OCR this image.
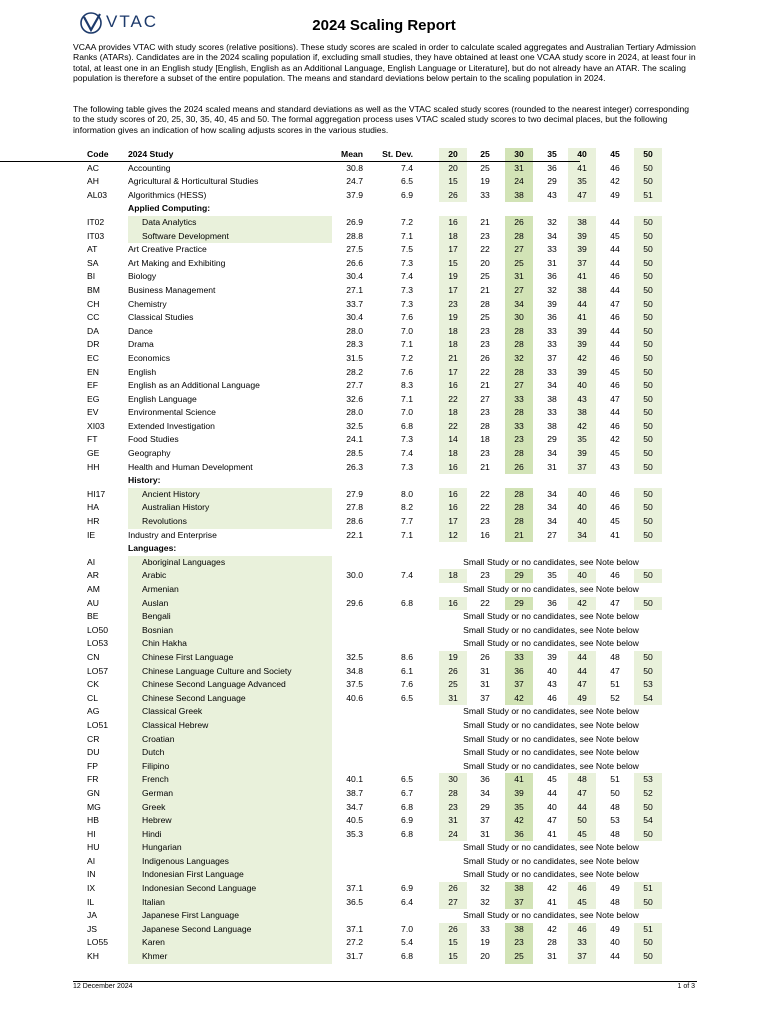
VTAC	2024 Scaling Report

VCAA provides VTAC with study scores (relative positions). These study scores are scaled in order to calculate scaled aggregates and Australian Tertiary Admission Ranks (ATARs). Candidates are in the 2024 scaling population if, excluding small studies, they have obtained at least one VCAA study score in 2024, at least four in total, at least one in an English study [English, English as an Additional Language, English Language or Literature], but do not already have an ATAR. The scaling population is therefore a subset of the entire population. The means and standard deviations below pertain to the scaling population in 2024.

The following table gives the 2024 scaled means and standard deviations as well as the VTAC scaled study scores (rounded to the nearest integer) corresponding to the study scores of 20, 25, 30, 35, 40, 45 and 50. The formal aggregation process uses VTAC scaled study scores to two decimal places, but the following information gives an indication of how scaling adjusts scores in the various studies.

Code 2024 Study	Mean	St. Dev.	20	25	30	35	40	45	50
AC	Accounting	30.8	7.4	20	25	31	36	41	46	50
AH	Agricultural & Horticultural Studies	24.7	6.5	15	19	24	29	35	42	50
AL03 Algorithmics (HESS)	37.9	6.9	26	33	38	43	47	49	51
Applied Computing:
IT02	Data Analytics	26.9	7.2	16	21	26	32	38	44	50
IT03	Software Development	28.8	7.1	18	23	28	34	39	45	50
AT	Art Creative Practice	27.5	7.5	17	22	27	33	39	44	50
SA	Art Making and Exhibiting	26.6	7.3	15	20	25	31	37	44	50
BI	Biology	30.4	7.4	19	25	31	36	41	46	50
BM	Business Management	27.1	7.3	17	21	27	32	38	44	50
CH	Chemistry	33.7	7.3	23	28	34	39	44	47	50
CC	Classical Studies	30.4	7.6	19	25	30	36	41	46	50
DA	Dance	28.0	7.0	18	23	28	33	39	44	50
DR	Drama	28.3	7.1	18	23	28	33	39	44	50
EC	Economics	31.5	7.2	21	26	32	37	42	46	50
EN	English	28.2	7.6	17	22	28	33	39	45	50
EF	English as an Additional Language	27.7	8.3	16	21	27	34	40	46	50
EG	English Language	32.6	7.1	22	27	33	38	43	47	50
EV	Environmental Science	28.0	7.0	18	23	28	33	38	44	50
XI03	Extended Investigation	32.5	6.8	22	28	33	38	42	46	50
FT	Food Studies	24.1	7.3	14	18	23	29	35	42	50
GE	Geography	28.5	7.4	18	23	28	34	39	45	50
HH	Health and Human Development	26.3	7.3	16	21	26	31	37	43	50
History:
HI17	Ancient History	27.9	8.0	16	22	28	34	40	46	50
HA	Australian History	27.8	8.2	16	22	28	34	40	46	50
HR	Revolutions	28.6	7.7	17	23	28	34	40	45	50
IE	Industry and Enterprise	22.1	7.1	12	16	21	27	34	41	50
Languages:
AI	Aboriginal Languages	Small Study or no candidates, see Note below
AR	Arabic	30.0	7.4	18	23	29	35	40	46	50
AM	Armenian	Small Study or no candidates, see Note below
AU	Auslan	29.6	6.8	16	22	29	36	42	47	50
BE	Bengali	Small Study or no candidates, see Note below
LO50	Bosnian	Small Study or no candidates, see Note below
LO53	Chin Hakha	Small Study or no candidates, see Note below
CN	Chinese First Language	32.5	8.6	19	26	33	39	44	48	50
LO57	Chinese Language Culture and Society	34.8	6.1	26	31	36	40	44	47	50
CK	Chinese Second Language Advanced	37.5	7.6	25	31	37	43	47	51	53
CL	Chinese Second Language	40.6	6.5	31	37	42	46	49	52	54
AG	Classical Greek	Small Study or no candidates, see Note below
LO51	Classical Hebrew	Small Study or no candidates, see Note below
CR	Croatian	Small Study or no candidates, see Note below
DU	Dutch	Small Study or no candidates, see Note below
FP	Filipino	Small Study or no candidates, see Note below
FR	French	40.1	6.5	30	36	41	45	48	51	53
GN	German	38.7	6.7	28	34	39	44	47	50	52
MG	Greek	34.7	6.8	23	29	35	40	44	48	50
HB	Hebrew	40.5	6.9	31	37	42	47	50	53	54
HI	Hindi	35.3	6.8	24	31	36	41	45	48	50
HU	Hungarian	Small Study or no candidates, see Note below
AI	Indigenous Languages	Small Study or no candidates, see Note below
IN	Indonesian First Language	Small Study or no candidates, see Note below
IX	Indonesian Second Language	37.1	6.9	26	32	38	42	46	49	51
IL	Italian	36.5	6.4	27	32	37	41	45	48	50
JA	Japanese First Language	Small Study or no candidates, see Note below
JS	Japanese Second Language	37.1	7.0	26	33	38	42	46	49	51
LO55	Karen	27.2	5.4	15	19	23	28	33	40	50
KH	Khmer	31.7	6.8	15	20	25	31	37	44	50
12 December 2024	1 of 3
